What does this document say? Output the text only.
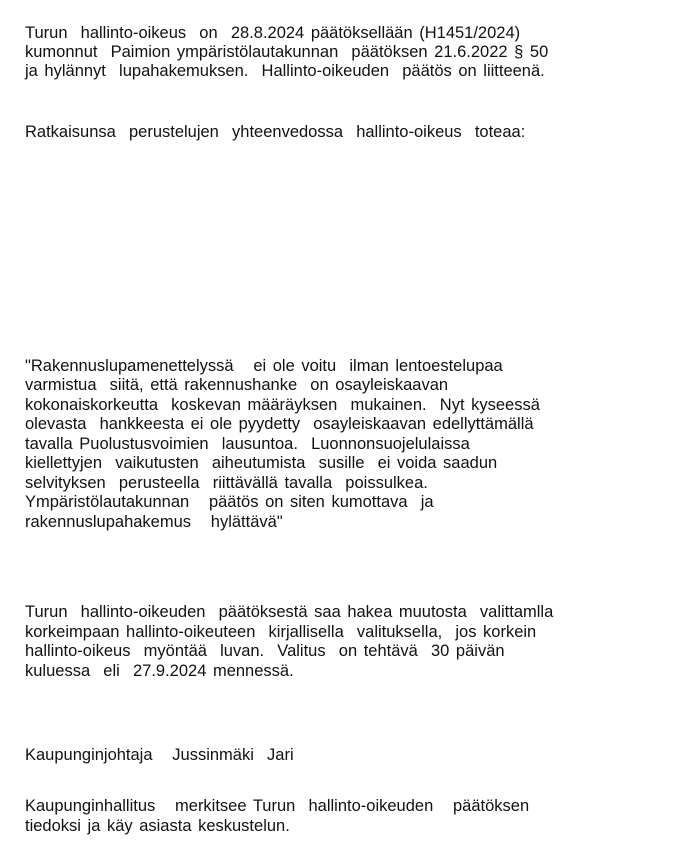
Turun  hallinto-oikeus  on  28.8.2024 päätöksellään (H1451/2024)
kumonnut  Paimion ympäristölautakunnan  päätöksen 21.6.2022 § 50
ja hylännyt  lupahakemuksen.  Hallinto-oikeuden  päätös on liitteenä.
Ratkaisunsa  perustelujen  yhteenvedossa  hallinto-oikeus  toteaa:
"Rakennuslupamenettelyssä   ei ole voitu  ilman lentoestelupaa
varmistua  siitä, että rakennushanke  on osayleiskaavan
kokonaiskorkeutta  koskevan määräyksen  mukainen.  Nyt kyseessä
olevasta  hankkeesta ei ole pyydetty  osayleiskaavan edellyttämällä
tavalla Puolustusvoimien  lausuntoa.  Luonnonsuojelulaissa
kiellettyjen  vaikutusten  aiheutumista  susille  ei voida saadun
selvityksen  perusteella  riittävällä tavalla  poissulkea.
Ympäristölautakunnan   päätös on siten kumottava  ja
rakennuslupahakemus   hylättävä"
Turun  hallinto-oikeuden  päätöksestä saa hakea muutosta  valittamlla
korkeimpaan hallinto-oikeuteen  kirjallisella  valituksella,  jos korkein
hallinto-oikeus  myöntää  luvan.  Valitus  on tehtävä  30 päivän
kuluessa  eli  27.9.2024 mennessä.
Kaupunginjohtaja   Jussinmäki  Jari
Kaupunginhallitus   merkitsee Turun  hallinto-oikeuden   päätöksen
tiedoksi ja käy asiasta keskustelun.
